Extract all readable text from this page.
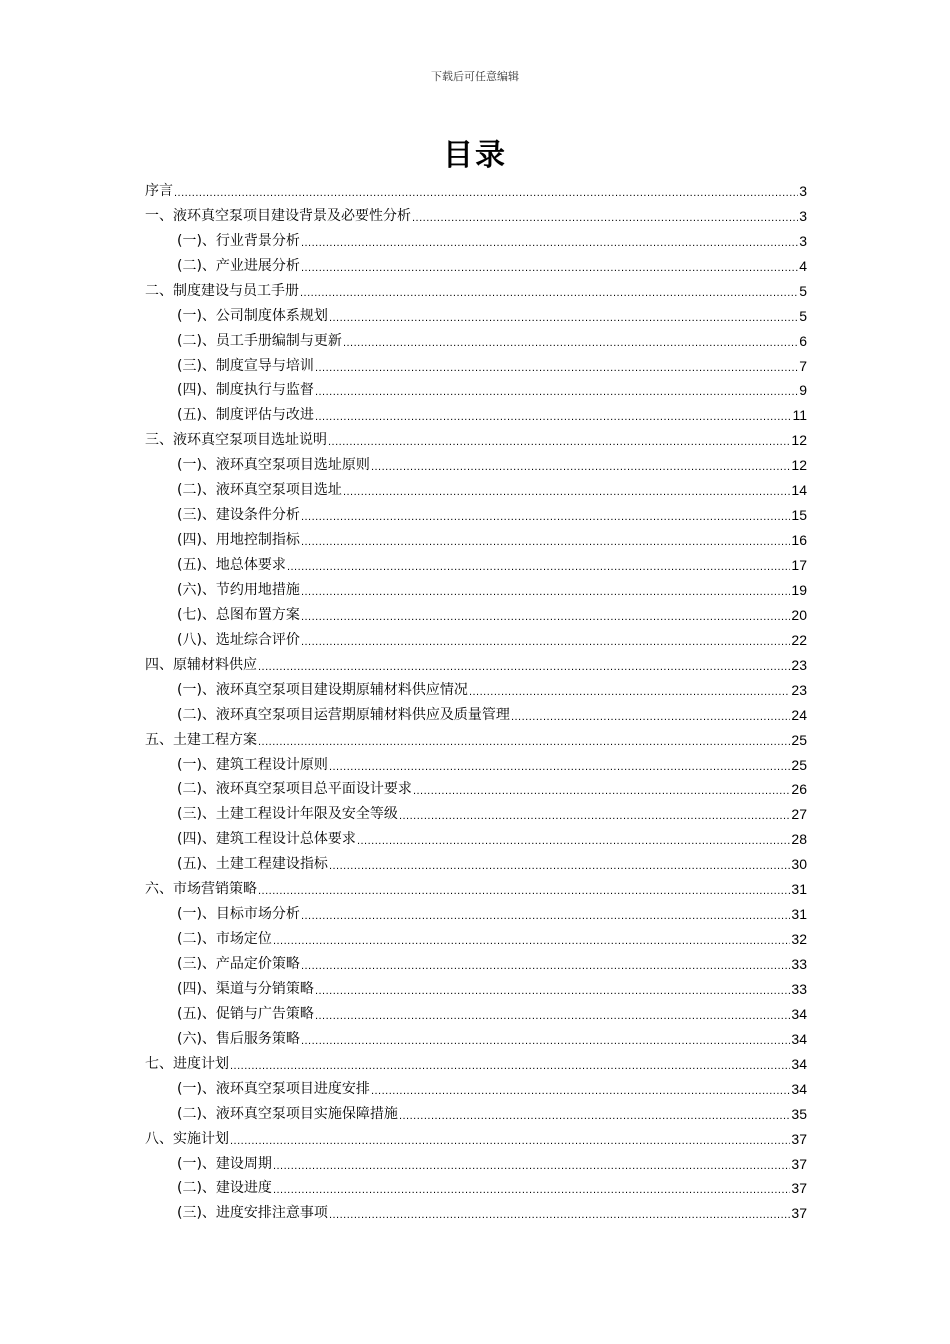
下载后可任意编辑
目录
序言 .....	3
一、液环真空泵项目建设背景及必要性分析 .....	3
(一)、行业背景分析 .....	3
(二)、产业进展分析 .....	4
二、制度建设与员工手册 .....	5
(一)、公司制度体系规划 .....	5
(二)、员工手册编制与更新 .....	6
(三)、制度宣导与培训 .....	7
(四)、制度执行与监督 .....	9
(五)、制度评估与改进 .....	11
三、液环真空泵项目选址说明 .....	12
(一)、液环真空泵项目选址原则 .....	12
(二)、液环真空泵项目选址 .....	14
(三)、建设条件分析 .....	15
(四)、用地控制指标 .....	16
(五)、地总体要求 .....	17
(六)、节约用地措施 .....	19
(七)、总图布置方案 .....	20
(八)、选址综合评价 .....	22
四、原辅材料供应 .....	23
(一)、液环真空泵项目建设期原辅材料供应情况 .....	23
(二)、液环真空泵项目运营期原辅材料供应及质量管理 .....	24
五、土建工程方案 .....	25
(一)、建筑工程设计原则 .....	25
(二)、液环真空泵项目总平面设计要求 .....	26
(三)、土建工程设计年限及安全等级 .....	27
(四)、建筑工程设计总体要求 .....	28
(五)、土建工程建设指标 .....	30
六、市场营销策略 .....	31
(一)、目标市场分析 .....	31
(二)、市场定位 .....	32
(三)、产品定价策略 .....	33
(四)、渠道与分销策略 .....	33
(五)、促销与广告策略 .....	34
(六)、售后服务策略 .....	34
七、进度计划 .....	34
(一)、液环真空泵项目进度安排 .....	34
(二)、液环真空泵项目实施保障措施 .....	35
八、实施计划 .....	37
(一)、建设周期 .....	37
(二)、建设进度 .....	37
(三)、进度安排注意事项 .....	37
